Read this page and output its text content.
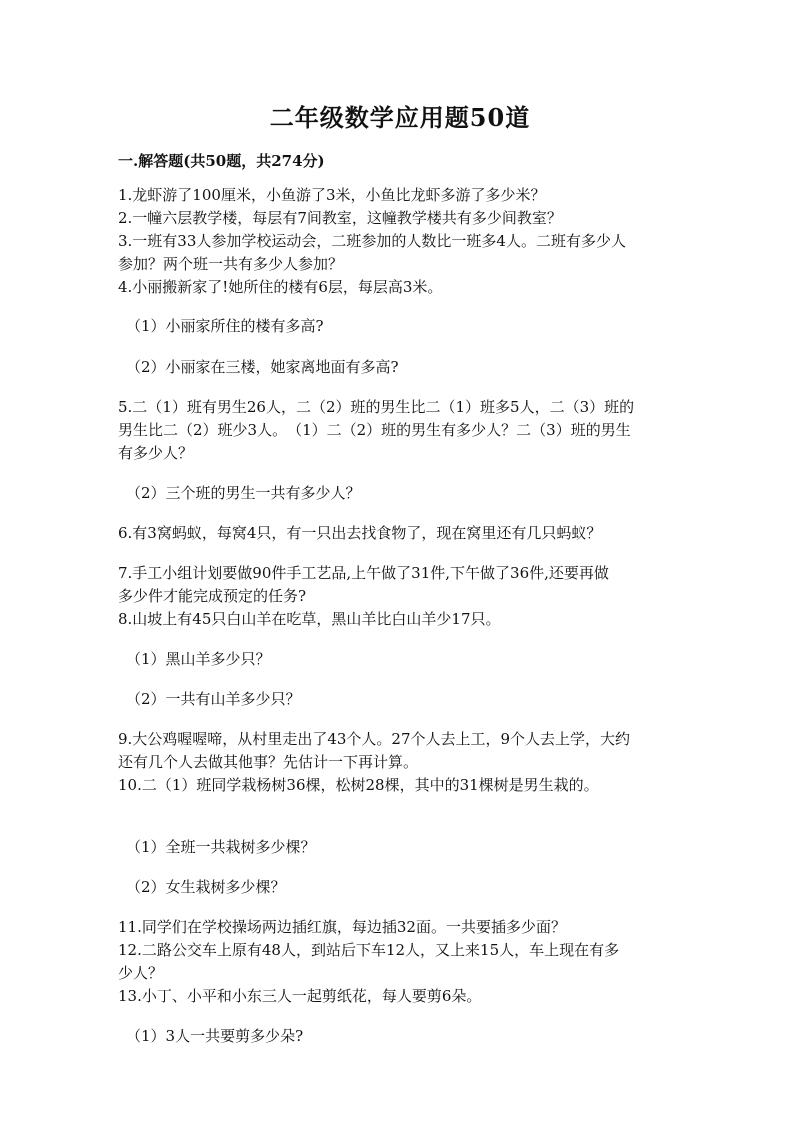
二年级数学应用题50道
一.解答题(共50题，共274分)
1.龙虾游了100厘米，小鱼游了3米，小鱼比龙虾多游了多少米？
2.一幢六层教学楼，每层有7间教室，这幢教学楼共有多少间教室？
3.一班有33人参加学校运动会，二班参加的人数比一班多4人。二班有多少人
参加？两个班一共有多少人参加？
4.小丽搬新家了!她所住的楼有6层，每层高3米。
（1）小丽家所住的楼有多高?
（2）小丽家在三楼，她家离地面有多高?
5.二（1）班有男生26人，二（2）班的男生比二（1）班多5人，二（3）班的
男生比二（2）班少3人。　（1）二（2）班的男生有多少人？二（3）班的男生
有多少人？
（2）三个班的男生一共有多少人？
6.有3窝蚂蚁，每窝4只，有一只出去找食物了，现在窝里还有几只蚂蚁？
7.手工小组计划要做90件手工艺品,上午做了31件,下午做了36件,还要再做
多少件才能完成预定的任务?
8.山坡上有45只白山羊在吃草，黑山羊比白山羊少17只。
（1）黑山羊多少只？
（2）一共有山羊多少只？
9.大公鸡喔喔啼，从村里走出了43个人。27个人去上工，9个人去上学，大约
还有几个人去做其他事？先估计一下再计算。
10.二（1）班同学栽杨树36棵，松树28棵，其中的31棵树是男生栽的。
（1）全班一共栽树多少棵？
（2）女生栽树多少棵？
11.同学们在学校操场两边插红旗，每边插32面。一共要插多少面？
12.二路公交车上原有48人，到站后下车12人，又上来15人，车上现在有多
少人？
13.小丁、小平和小东三人一起剪纸花，每人要剪6朵。
（1）3人一共要剪多少朵?
